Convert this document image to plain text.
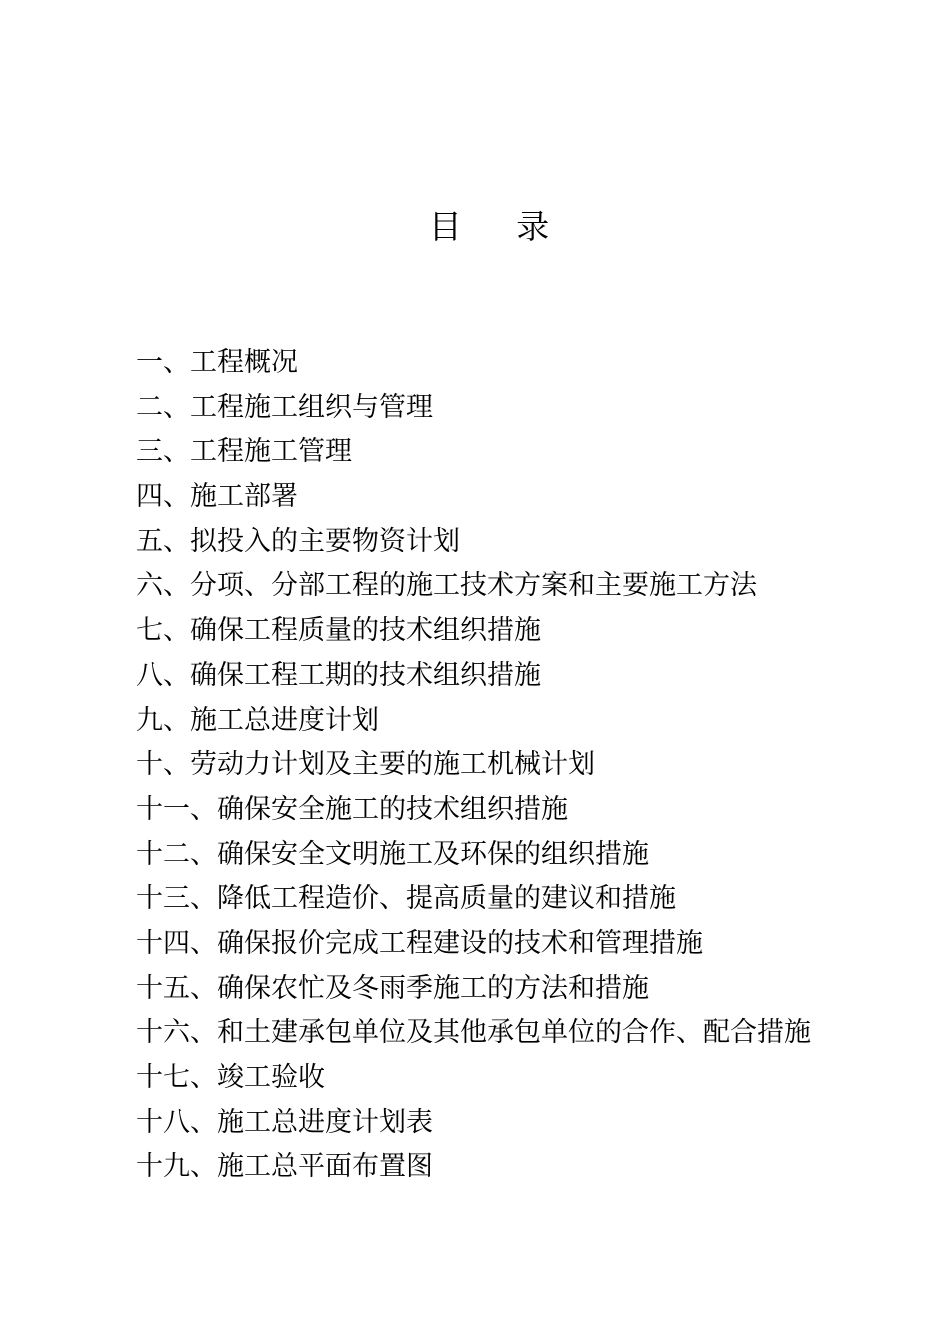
目 录
一、工程概况
二、工程施工组织与管理
三、工程施工管理
四、施工部署
五、拟投入的主要物资计划
六、分项、分部工程的施工技术方案和主要施工方法
七、确保工程质量的技术组织措施
八、确保工程工期的技术组织措施
九、施工总进度计划
十、劳动力计划及主要的施工机械计划
十一、确保安全施工的技术组织措施
十二、确保安全文明施工及环保的组织措施
十三、降低工程造价、提高质量的建议和措施
十四、确保报价完成工程建设的技术和管理措施
十五、确保农忙及冬雨季施工的方法和措施
十六、和土建承包单位及其他承包单位的合作、配合措施
十七、竣工验收
十八、施工总进度计划表
十九、施工总平面布置图
